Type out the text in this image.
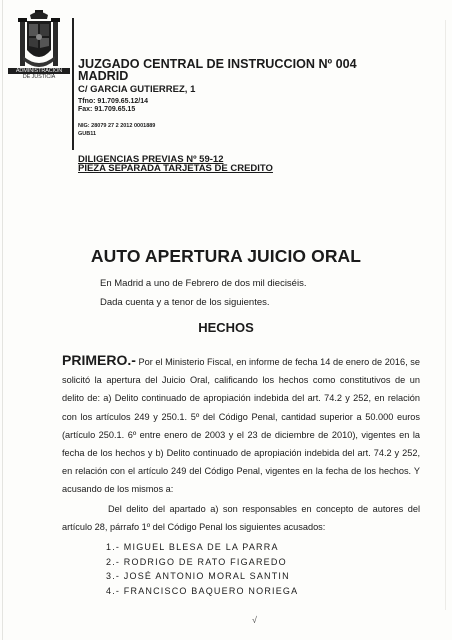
ADMINISTRACIÓN
DE JUSTICIA
JUZGADO CENTRAL DE INSTRUCCION Nº 004
MADRID
C/ GARCIA GUTIERREZ, 1
Tfno: 91.709.65.12/14
Fax: 91.709.65.15
NIG: 28079 27 2 2012 0001889
GUB11
DILIGENCIAS PREVIAS Nº 59-12
PIEZA SEPARADA TARJETAS DE CREDITO
AUTO APERTURA JUICIO ORAL
En Madrid a uno de Febrero de dos mil dieciséis.
Dada cuenta y a tenor de los siguientes.
HECHOS
PRIMERO.- Por el Ministerio Fiscal, en informe de fecha 14 de enero de 2016, se solicitó la apertura del Juicio Oral, calificando los hechos como constitutivos de un delito de: a) Delito continuado de apropiación indebida del art. 74.2 y 252, en relación con los artículos 249 y 250.1. 5º del Código Penal, cantidad superior a 50.000 euros (artículo 250.1. 6º entre enero de 2003 y el 23 de diciembre de 2010), vigentes en la fecha de los hechos y b) Delito continuado de apropiación indebida del art. 74.2 y 252, en relación con el artículo 249 del Código Penal, vigentes en la fecha de los hechos. Y acusando de los mismos a:
Del delito del apartado a) son responsables en concepto de autores del artículo 28, párrafo 1º del Código Penal los siguientes acusados:
1.- MIGUEL BLESA DE LA PARRA
2.- RODRIGO DE RATO FIGAREDO
3.- JOSÉ ANTONIO MORAL SANTIN
4.- FRANCISCO BAQUERO NORIEGA
√
